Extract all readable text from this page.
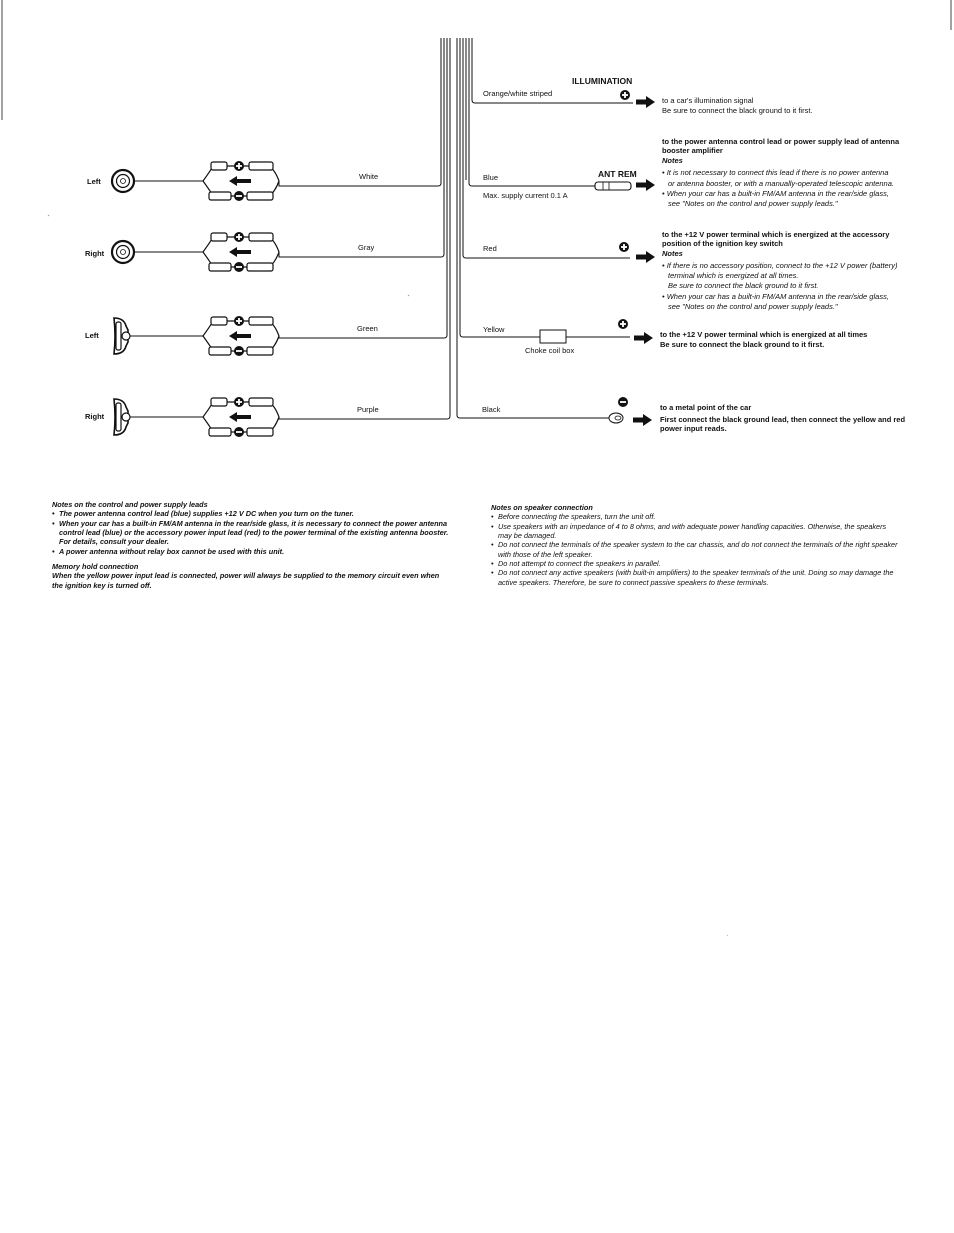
Left
White
Right
Gray
Left
Green
Right
Purple
ILLUMINATION
Orange/white striped
to a car's illumination signal
Be sure to connect the black ground to it first.
ANT REM
Blue
Max. supply current 0.1 A
to the power antenna control lead or power supply lead of antenna
booster amplifier
Notes
• It is not necessary to connect this lead if there is no power antenna
or antenna booster, or with a manually-operated telescopic antenna.
• When your car has a built-in FM/AM antenna in the rear/side glass,
see "Notes on the control and power supply leads."
Red
to the +12 V power terminal which is energized at the accessory
position of the ignition key switch
Notes
• If there is no accessory position, connect to the +12 V power (battery)
terminal which is energized at all times.
Be sure to connect the black ground to it first.
• When your car has a built-in FM/AM antenna in the rear/side glass,
see "Notes on the control and power supply leads."
Yellow
Choke coil box
to the +12 V power terminal which is energized at all times
Be sure to connect the black ground to it first.
Black	to a metal point of the car
First connect the black ground lead, then connect the yellow and red
power input reads.
Notes on the control and power supply leads
• The power antenna control lead (blue) supplies +12 V DC when you turn on the tuner.
• When your car has a built-in FM/AM antenna in the rear/side glass, it is necessary to connect the power antenna control lead (blue) or the accessory power input lead (red) to the power terminal of the existing antenna booster. For details, consult your dealer.
• A power antenna without relay box cannot be used with this unit.
Memory hold connection

When the yellow power input lead is connected, power will always be supplied to the memory circuit even when the ignition key is turned off.

Notes on speaker connection
• Before connecting the speakers, turn the unit off.
• Use speakers with an impedance of 4 to 8 ohms, and with adequate power handling capacities. Otherwise, the speakers may be damaged.
• Do not connect the terminals of the speaker system to the car chassis, and do not connect the terminals of the right speaker with those of the left speaker.
• Do not attempt to connect the speakers in parallel.
• Do not connect any active speakers (with built-in amplifiers) to the speaker terminals of the unit. Doing so may damage the active speakers. Therefore, be sure to connect passive speakers to these terminals.
